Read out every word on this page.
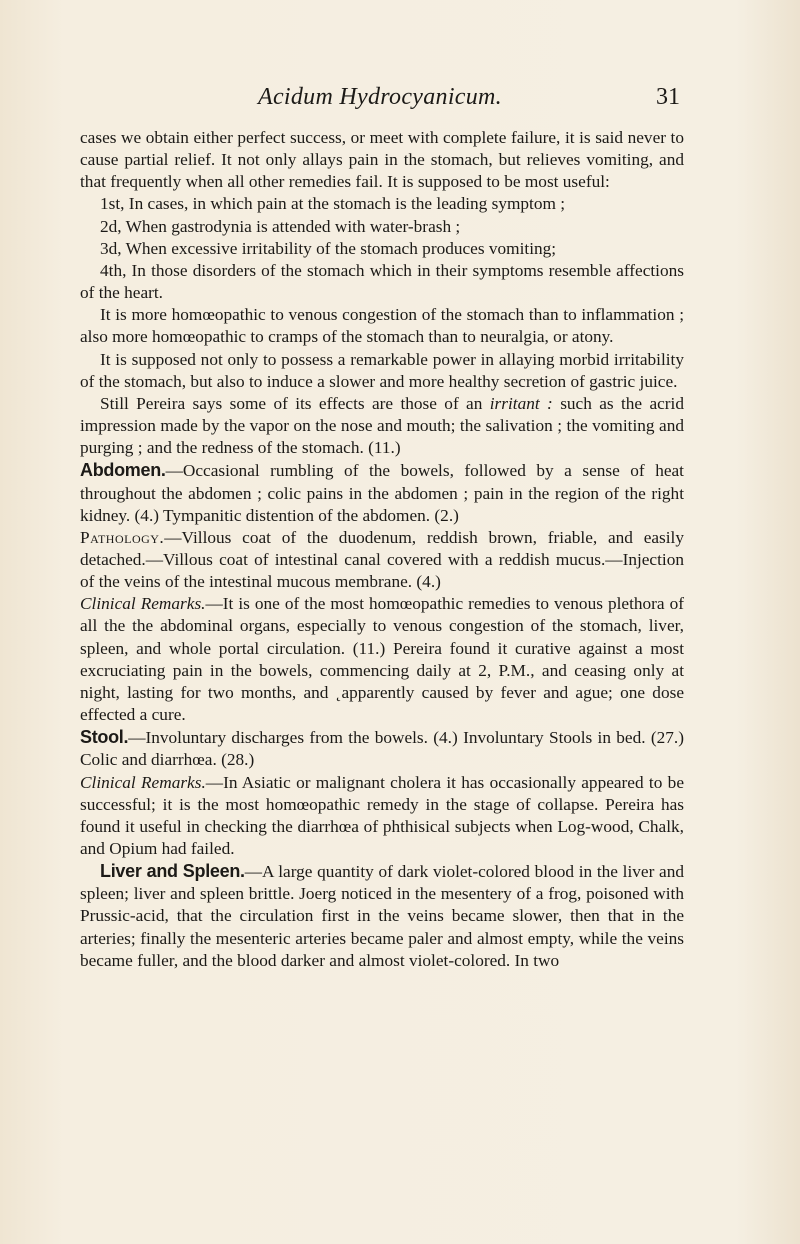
Acidum Hydrocyanicum.	31

cases we obtain either perfect success, or meet with complete failure, it is said never to cause partial relief. It not only allays pain in the stomach, but relieves vomiting, and that frequently when all other remedies fail. It is supposed to be most useful:

1st, In cases, in which pain at the stomach is the leading symptom ;

2d, When gastrodynia is attended with water-brash ;

3d, When excessive irritability of the stomach produces vomiting;

4th, In those disorders of the stomach which in their symptoms resemble affections of the heart.

It is more homœopathic to venous congestion of the stomach than to inflammation ; also more homœopathic to cramps of the stomach than to neuralgia, or atony.

It is supposed not only to possess a remarkable power in allaying morbid irritability of the stomach, but also to induce a slower and more healthy secretion of gastric juice.

Still Pereira says some of its effects are those of an irritant : such as the acrid impression made by the vapor on the nose and mouth; the salivation ; the vomiting and purging ; and the redness of the stomach. (11.)

Abdomen.—Occasional rumbling of the bowels, followed by a sense of heat throughout the abdomen ; colic pains in the abdomen ; pain in the region of the right kidney. (4.) Tympanitic distention of the abdomen. (2.)

Pathology.—Villous coat of the duodenum, reddish brown, friable, and easily detached.—Villous coat of intestinal canal covered with a reddish mucus.—Injection of the veins of the intestinal mucous membrane. (4.)

Clinical Remarks.—It is one of the most homœopathic remedies to venous plethora of all the the abdominal organs, especially to venous congestion of the stomach, liver, spleen, and whole portal circulation. (11.) Pereira found it curative against a most excruciating pain in the bowels, commencing daily at 2, P.M., and ceasing only at night, lasting for two months, and ˛apparently caused by fever and ague; one dose effected a cure.

Stool.—Involuntary discharges from the bowels. (4.) Involuntary Stools in bed. (27.) Colic and diarrhœa. (28.)

Clinical Remarks.—In Asiatic or malignant cholera it has occasionally appeared to be successful; it is the most homœopathic remedy in the stage of collapse. Pereira has found it useful in checking the diarrhœa of phthisical subjects when Log-wood, Chalk, and Opium had failed.

Liver and Spleen.—A large quantity of dark violet-colored blood in the liver and spleen; liver and spleen brittle. Joerg noticed in the mesentery of a frog, poisoned with Prussic-acid, that the circulation first in the veins became slower, then that in the arteries; finally the mesenteric arteries became paler and almost empty, while the veins became fuller, and the blood darker and almost violet-colored. In two
